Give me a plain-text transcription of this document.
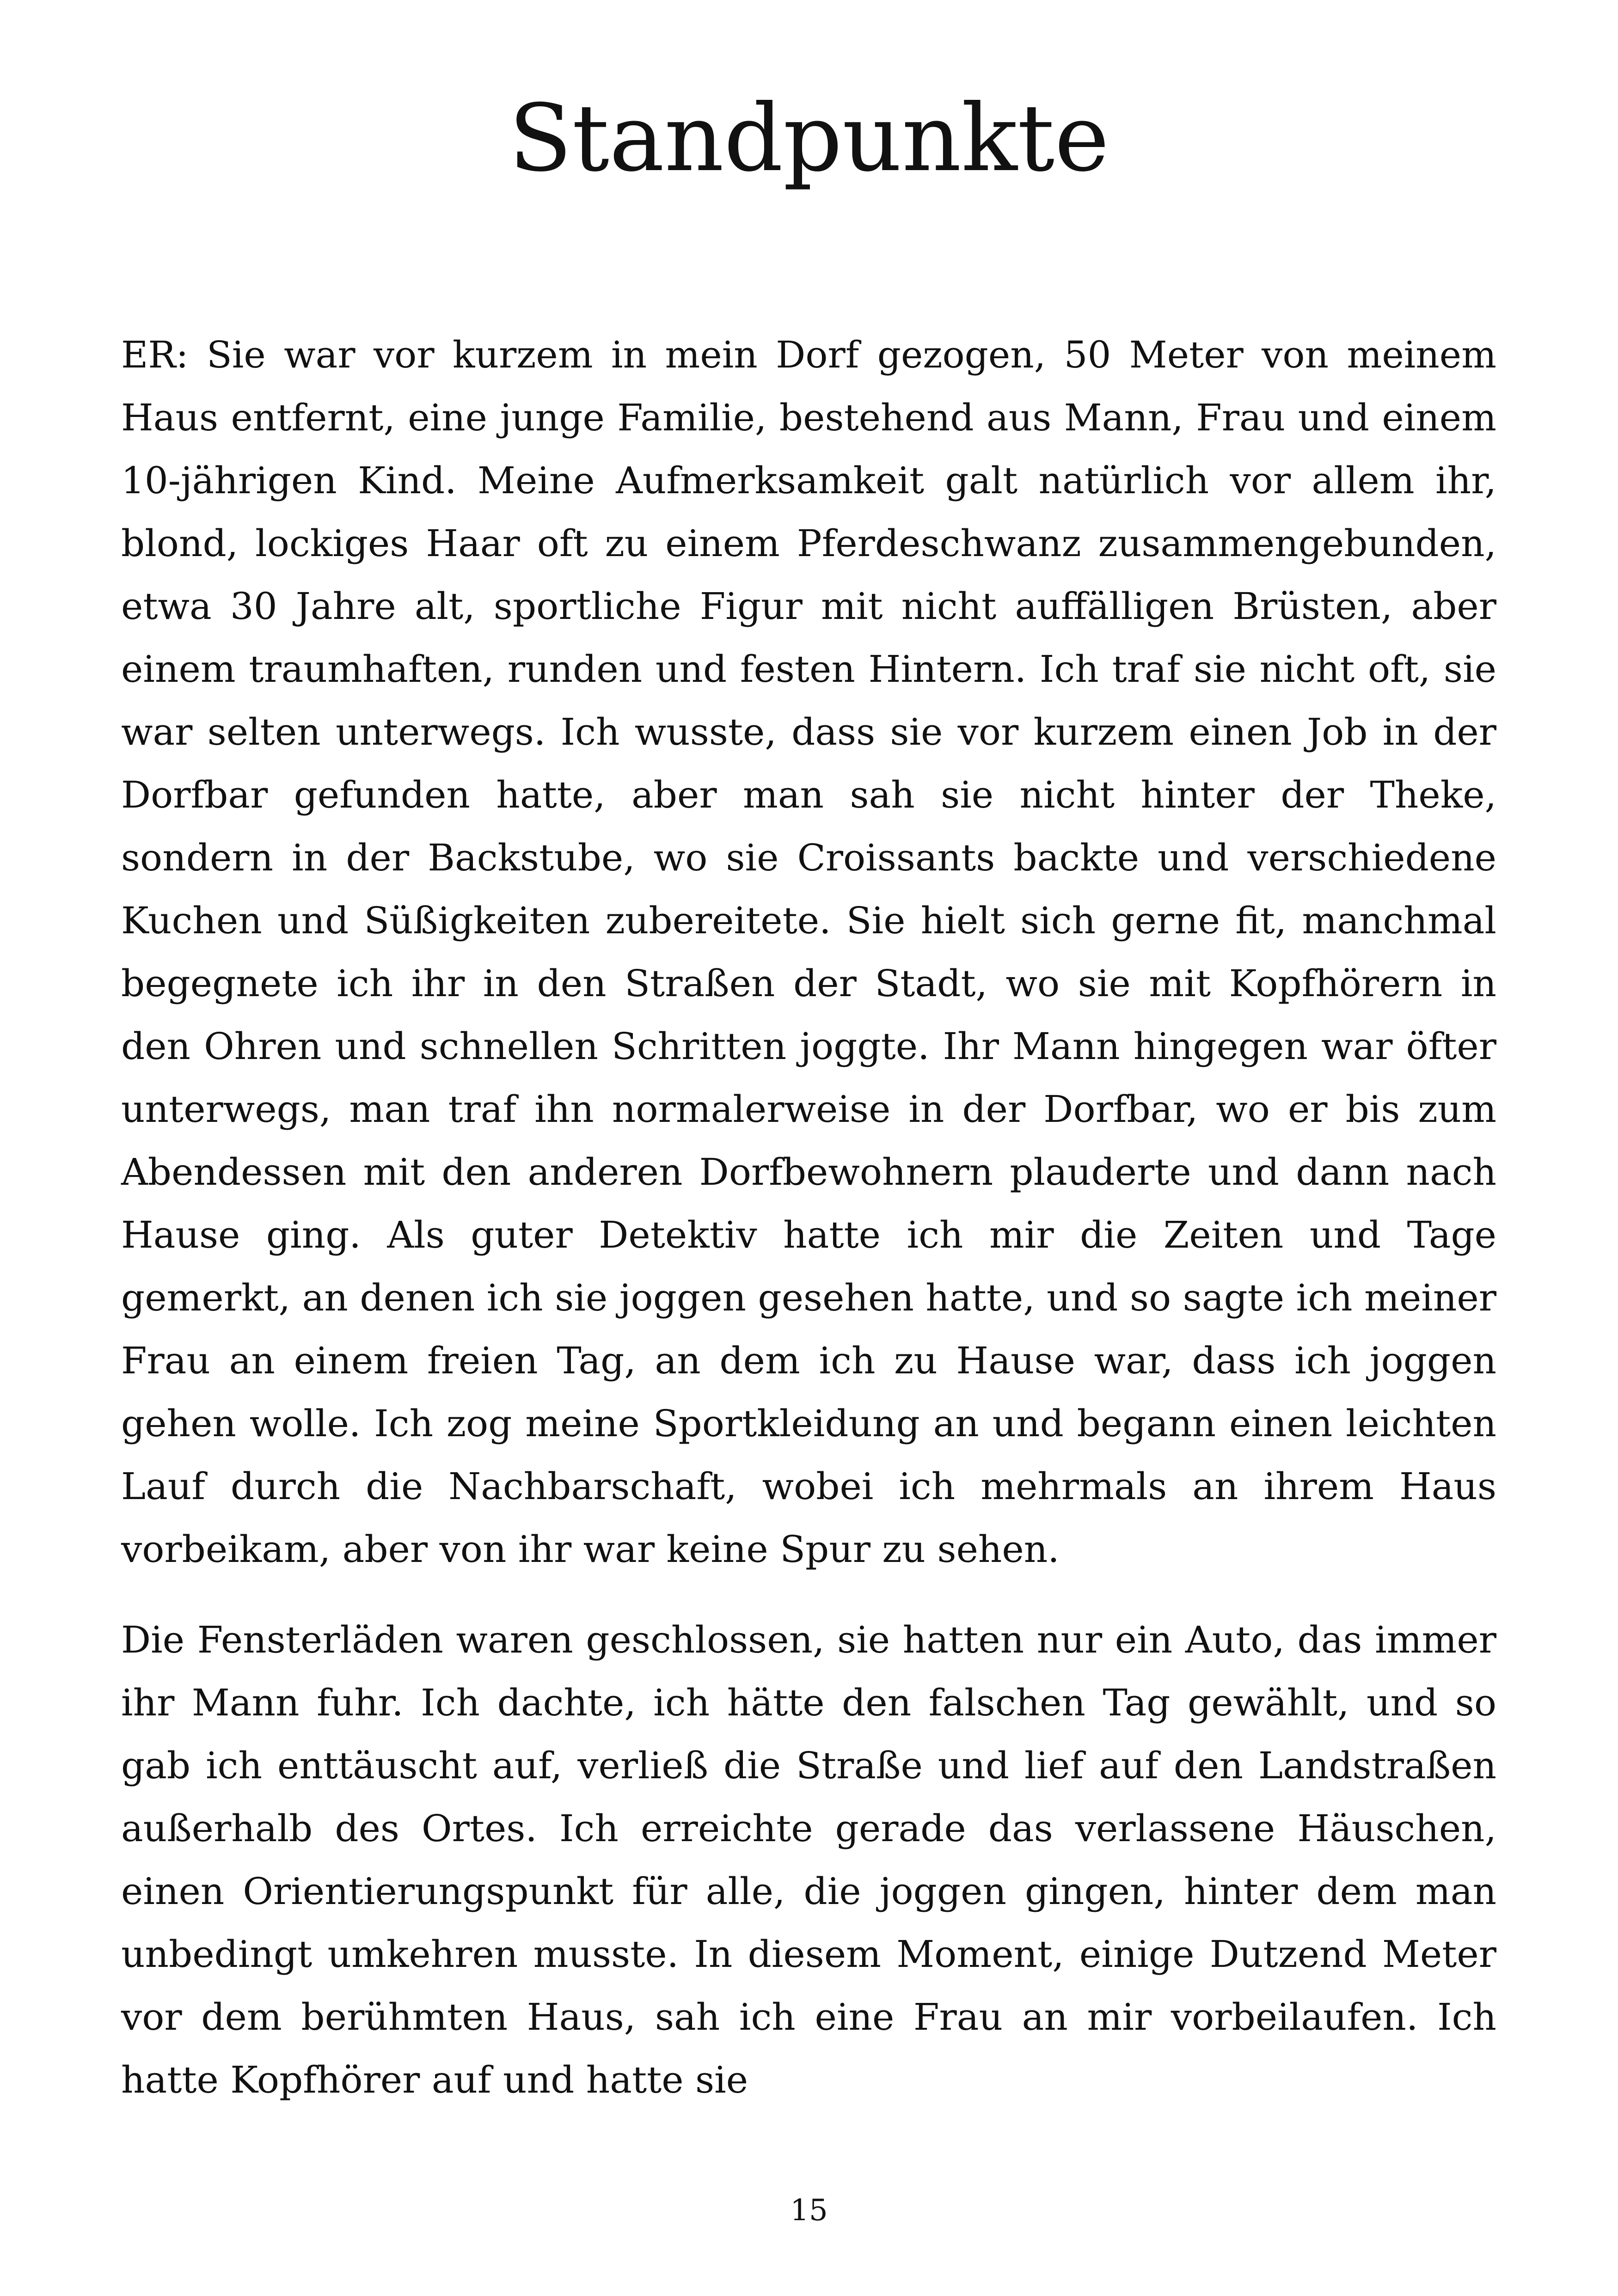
Standpunkte

ER: Sie war vor kurzem in mein Dorf gezogen, 50 Meter von meinem Haus entfernt, eine junge Familie, bestehend aus Mann, Frau und einem 10-jährigen Kind. Meine Aufmerksamkeit galt natürlich vor allem ihr, blond, lockiges Haar oft zu einem Pferdeschwanz zusammengebunden, etwa 30 Jahre alt, sportliche Figur mit nicht auffälligen Brüsten, aber einem traumhaften, runden und festen Hintern. Ich traf sie nicht oft, sie war selten unterwegs. Ich wusste, dass sie vor kurzem einen Job in der Dorfbar gefunden hatte, aber man sah sie nicht hinter der Theke, sondern in der Backstube, wo sie Croissants backte und verschiedene Kuchen und Süßigkeiten zubereitete. Sie hielt sich gerne fit, manchmal begegnete ich ihr in den Straßen der Stadt, wo sie mit Kopfhörern in den Ohren und schnellen Schritten joggte. Ihr Mann hingegen war öfter unterwegs, man traf ihn normalerweise in der Dorfbar, wo er bis zum Abendessen mit den anderen Dorfbewohnern plauderte und dann nach Hause ging. Als guter Detektiv hatte ich mir die Zeiten und Tage gemerkt, an denen ich sie joggen gesehen hatte, und so sagte ich meiner Frau an einem freien Tag, an dem ich zu Hause war, dass ich joggen gehen wolle. Ich zog meine Sportkleidung an und begann einen leichten Lauf durch die Nachbarschaft, wobei ich mehrmals an ihrem Haus vorbeikam, aber von ihr war keine Spur zu sehen.

Die Fensterläden waren geschlossen, sie hatten nur ein Auto, das immer ihr Mann fuhr. Ich dachte, ich hätte den falschen Tag gewählt, und so gab ich enttäuscht auf, verließ die Straße und lief auf den Landstraßen außerhalb des Ortes. Ich erreichte gerade das verlassene Häuschen, einen Orientierungspunkt für alle, die joggen gingen, hinter dem man unbedingt umkehren musste. In diesem Moment, einige Dutzend Meter vor dem berühmten Haus, sah ich eine Frau an mir vorbeilaufen. Ich hatte Kopfhörer auf und hatte sie

15
